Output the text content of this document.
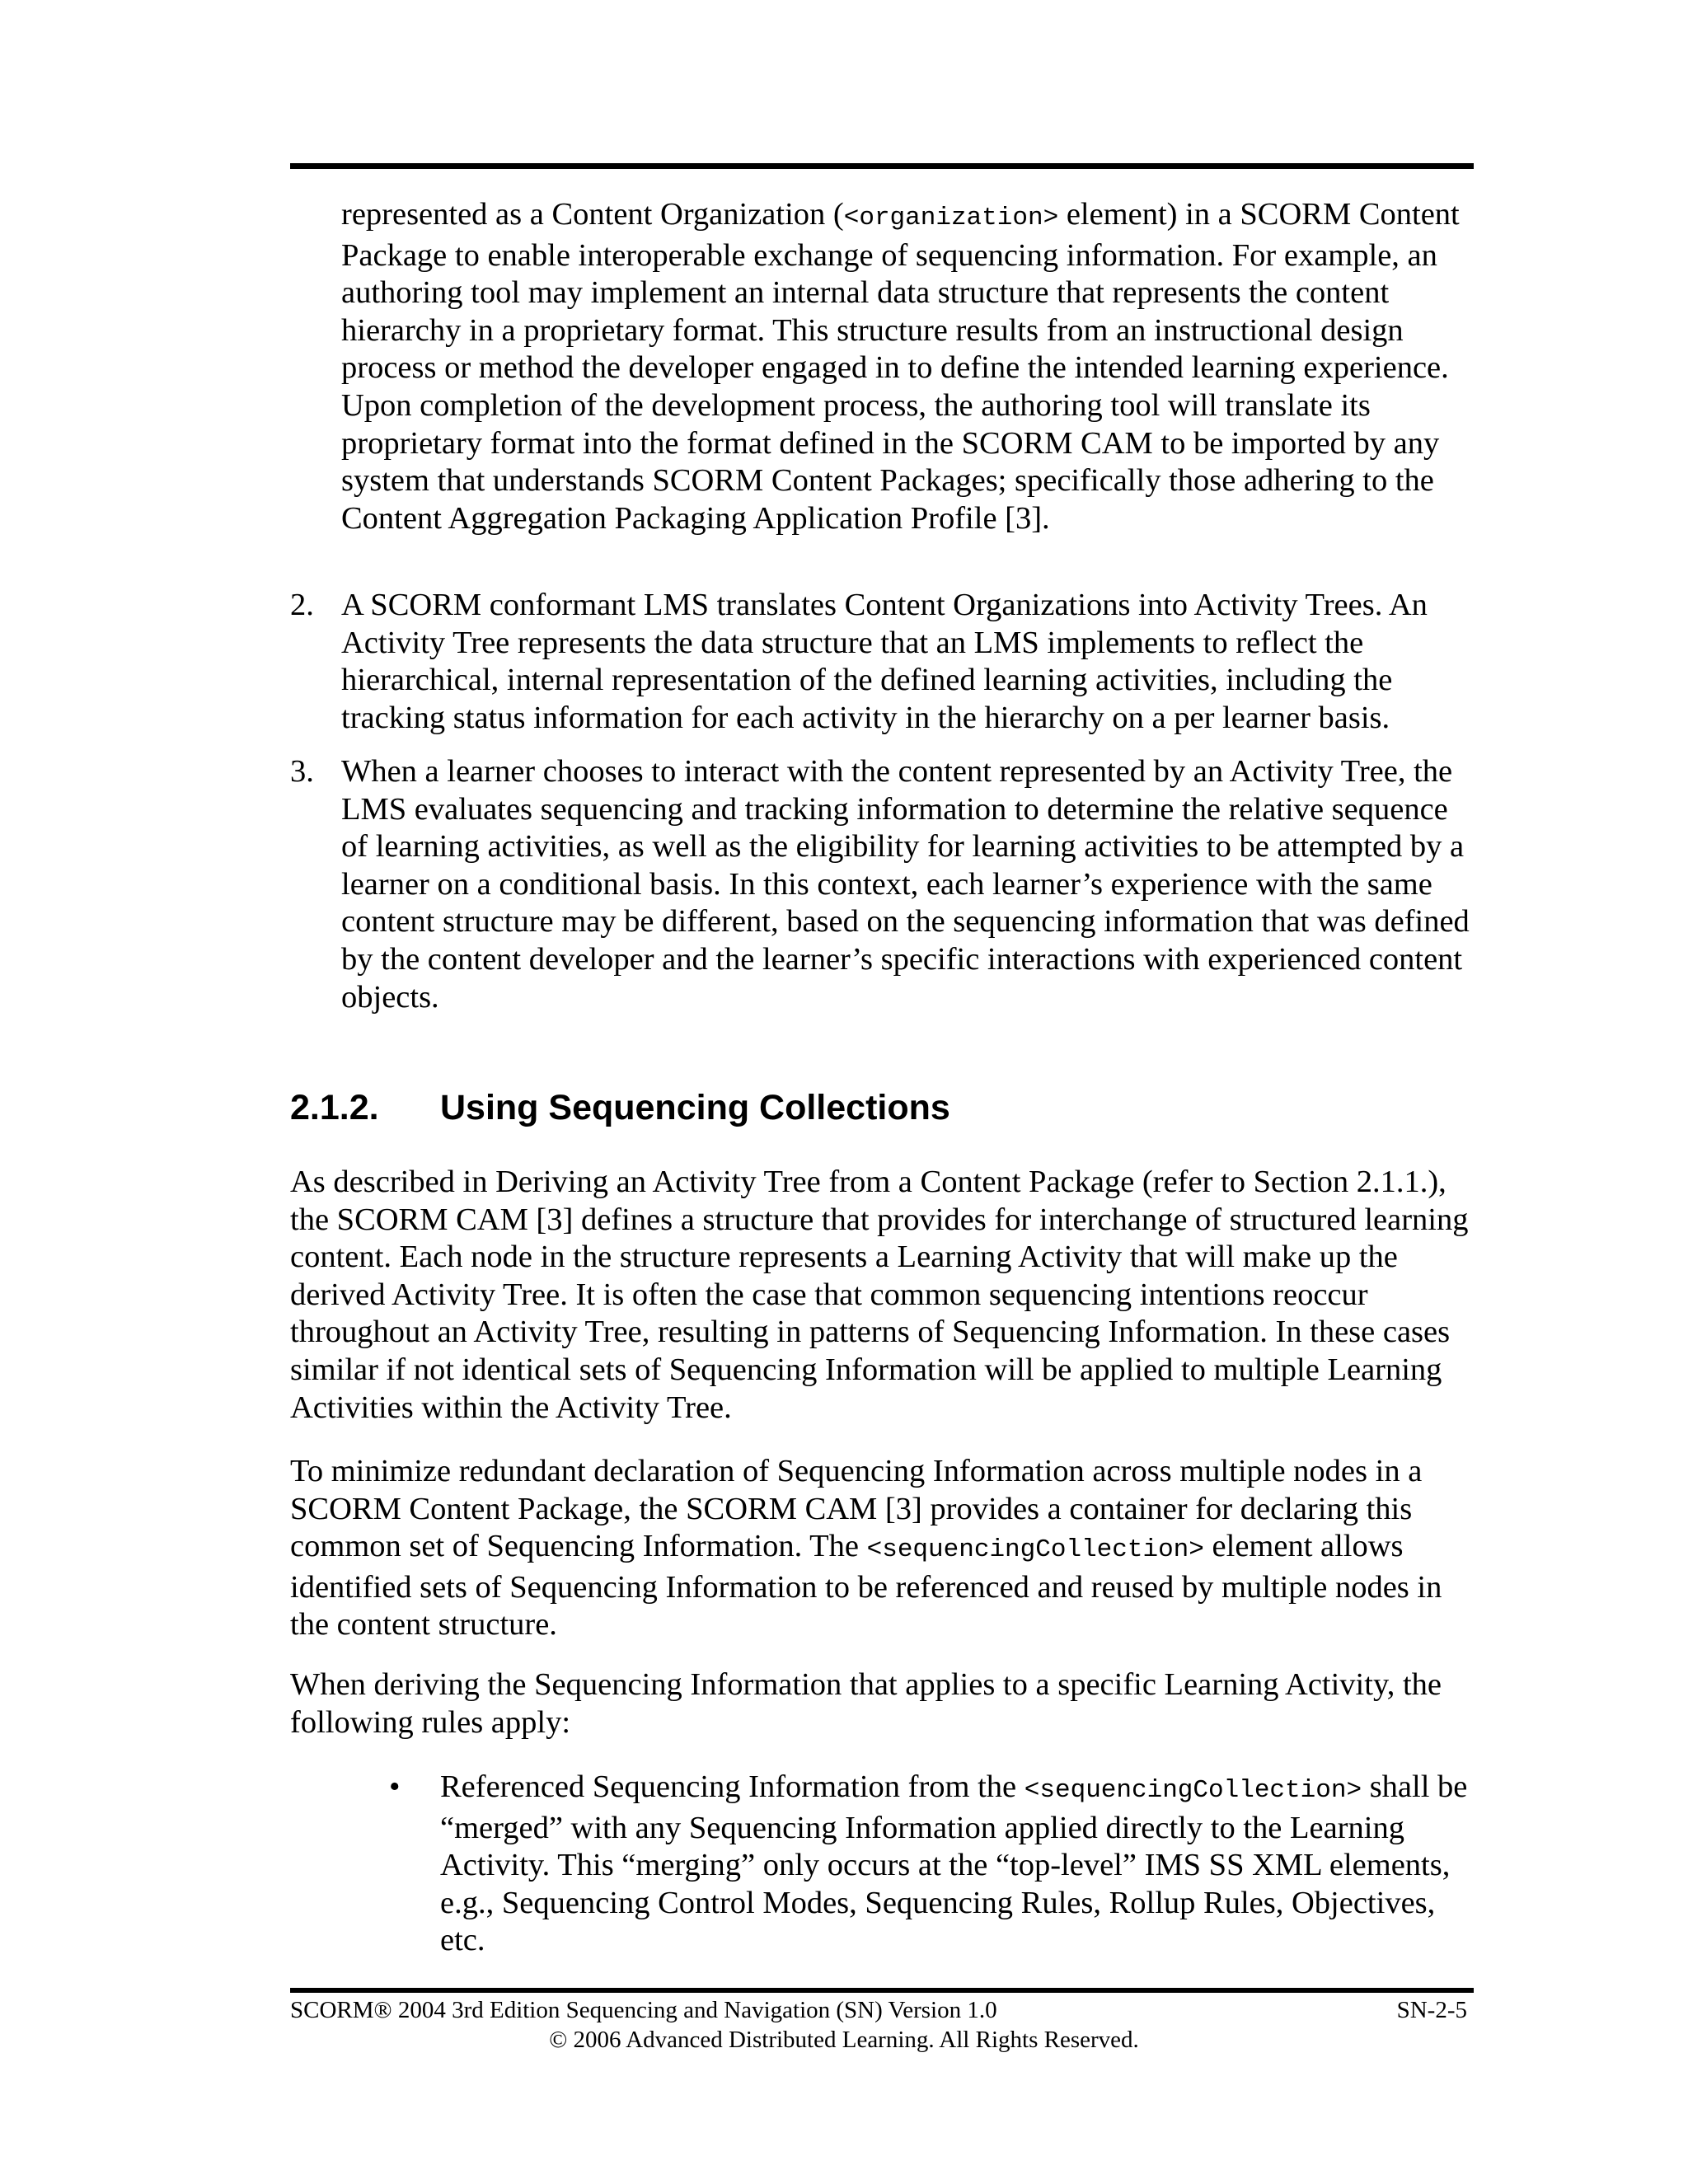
represented as a Content Organization (<organization> element) in a SCORM Content Package to enable interoperable exchange of sequencing information. For example, an authoring tool may implement an internal data structure that represents the content hierarchy in a proprietary format. This structure results from an instructional design process or method the developer engaged in to define the intended learning experience. Upon completion of the development process, the authoring tool will translate its proprietary format into the format defined in the SCORM CAM to be imported by any system that understands SCORM Content Packages; specifically those adhering to the Content Aggregation Packaging Application Profile [3].

2. A SCORM conformant LMS translates Content Organizations into Activity Trees. An Activity Tree represents the data structure that an LMS implements to reflect the hierarchical, internal representation of the defined learning activities, including the tracking status information for each activity in the hierarchy on a per learner basis.

3. When a learner chooses to interact with the content represented by an Activity Tree, the LMS evaluates sequencing and tracking information to determine the relative sequence of learning activities, as well as the eligibility for learning activities to be attempted by a learner on a conditional basis. In this context, each learner’s experience with the same content structure may be different, based on the sequencing information that was defined by the content developer and the learner’s specific interactions with experienced content objects.

2.1.2. Using Sequencing Collections

As described in Deriving an Activity Tree from a Content Package (refer to Section 2.1.1.), the SCORM CAM [3] defines a structure that provides for interchange of structured learning content. Each node in the structure represents a Learning Activity that will make up the derived Activity Tree. It is often the case that common sequencing intentions reoccur throughout an Activity Tree, resulting in patterns of Sequencing Information. In these cases similar if not identical sets of Sequencing Information will be applied to multiple Learning Activities within the Activity Tree.

To minimize redundant declaration of Sequencing Information across multiple nodes in a SCORM Content Package, the SCORM CAM [3] provides a container for declaring this common set of Sequencing Information. The <sequencingCollection> element allows identified sets of Sequencing Information to be referenced and reused by multiple nodes in the content structure.

When deriving the Sequencing Information that applies to a specific Learning Activity, the following rules apply:

•	Referenced Sequencing Information from the <sequencingCollection> shall be “merged” with any Sequencing Information applied directly to the Learning Activity. This “merging” only occurs at the “top-level” IMS SS XML elements, e.g., Sequencing Control Modes, Sequencing Rules, Rollup Rules, Objectives, etc.

SCORM® 2004 3rd Edition Sequencing and Navigation (SN) Version 1.0	SN-2-5

© 2006 Advanced Distributed Learning. All Rights Reserved.
